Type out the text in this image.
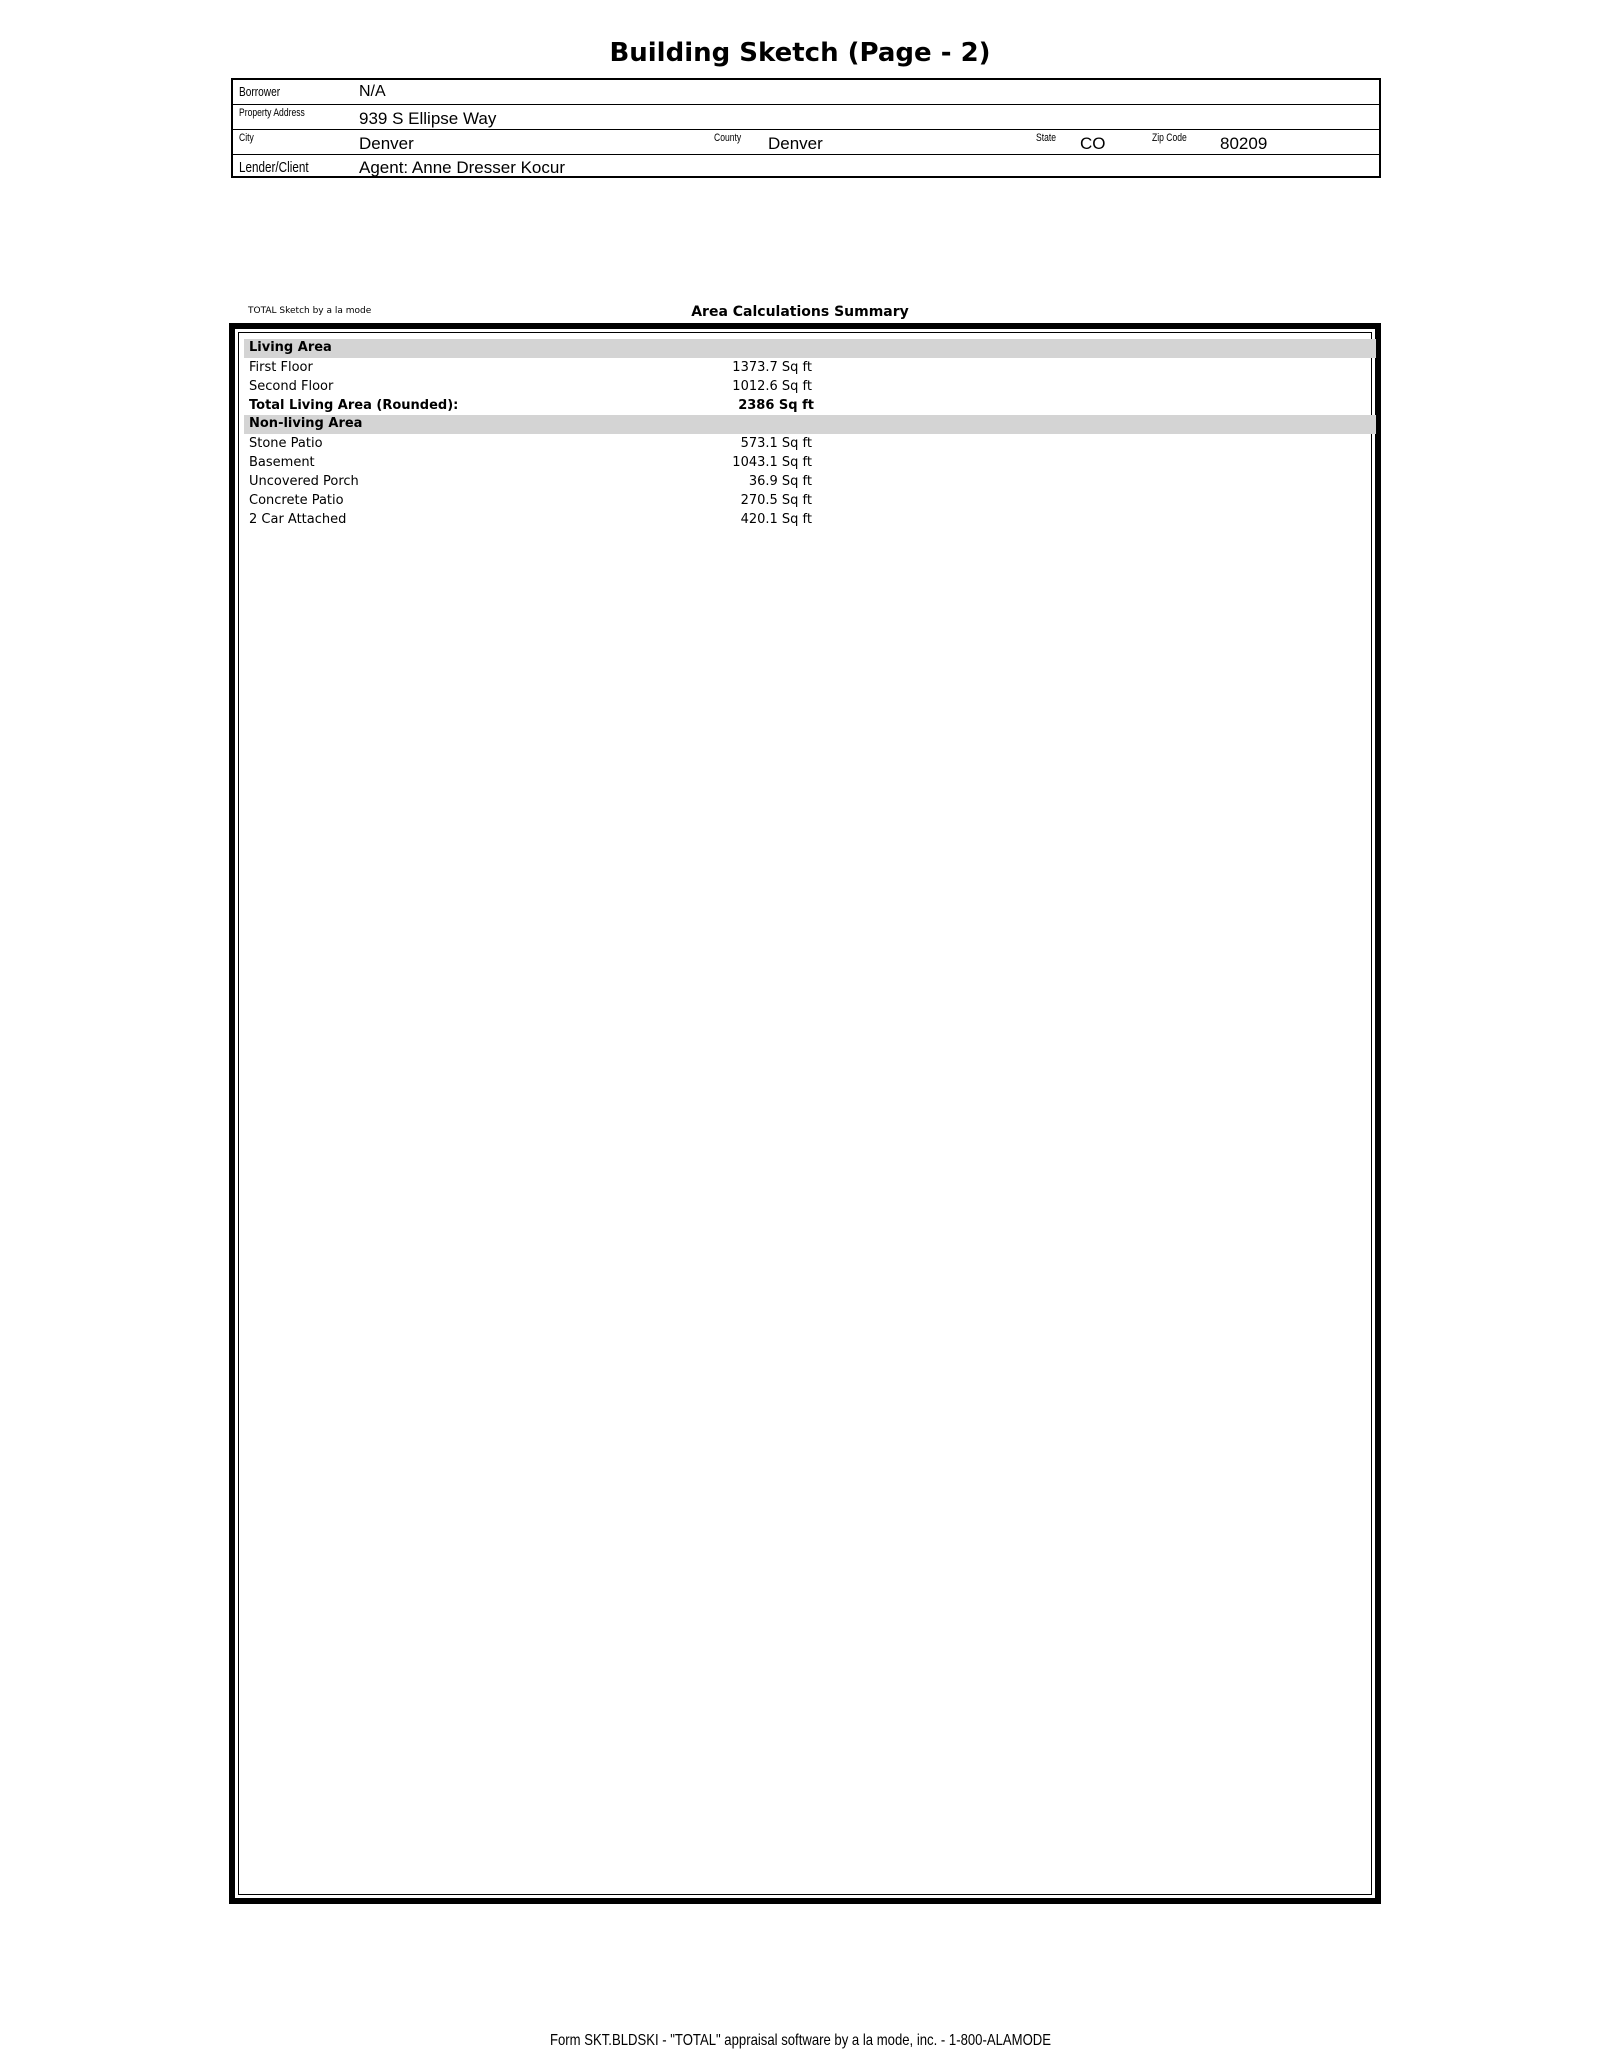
Building Sketch (Page - 2)
Borrower	N/A
Property Address	939 S Ellipse Way
City	Denver	County Denver	State CO	Zip Code 80209
Lender/Client	Agent: Anne Dresser Kocur
TOTAL Sketch by a la mode	Area Calculations Summary
Living Area
First Floor	1373.7 Sq ft
Second Floor	1012.6 Sq ft
Total Living Area (Rounded):	2386 Sq ft
Non-living Area
Stone Patio	573.1 Sq ft
Basement	1043.1 Sq ft
Uncovered Porch	36.9 Sq ft
Concrete Patio	270.5 Sq ft
2 Car Attached	420.1 Sq ft
Form SKT.BLDSKI - "TOTAL" appraisal software by a la mode, inc. - 1-800-ALAMODE
